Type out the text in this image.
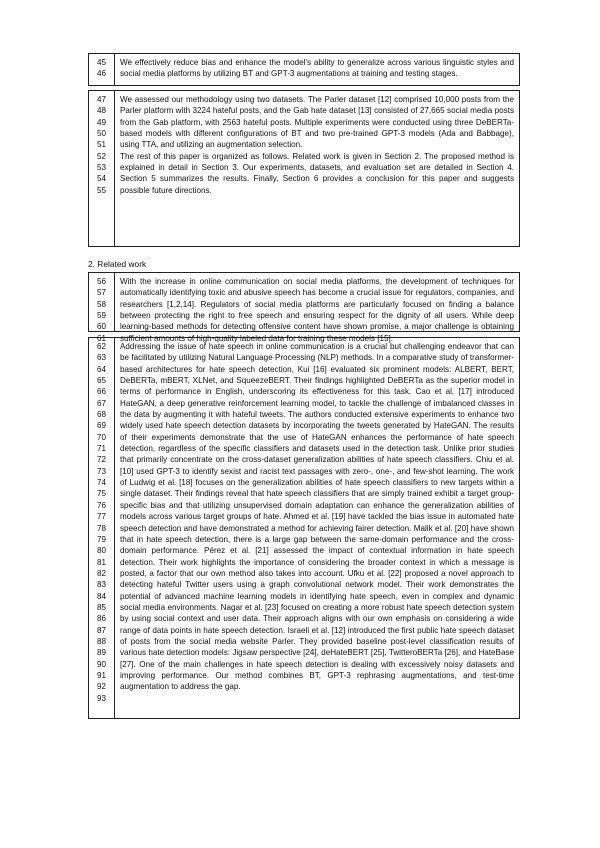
45
46

We effectively reduce bias and enhance the model's ability to generalize across various linguistic styles and social media platforms by utilizing BT and GPT-3 augmentations at training and testing stages.

47
48
49
50
51
52
53
54
55

We assessed our methodology using two datasets. The Parler dataset [12] comprised 10,000 posts from the Parler platform with 3224 hateful posts, and the Gab hate dataset [13] consisted of 27,665 social media posts from the Gab platform, with 2563 hateful posts. Multiple experiments were conducted using three DeBERTa-based models with different configurations of BT and two pre-trained GPT-3 models (Ada and Babbage), using TTA, and utilizing an augmentation selection.

The rest of this paper is organized as follows. Related work is given in Section 2. The proposed method is explained in detail in Section 3. Our experiments, datasets, and evaluation set are detailed in Section 4. Section 5 summarizes the results. Finally, Section 6 provides a conclusion for this paper and suggests possible future directions.

2. Related work
56
57
58
59
60
61

With the increase in online communication on social media platforms, the development of techniques for automatically identifying toxic and abusive speech has become a crucial issue for regulators, companies, and researchers [1,2,14]. Regulators of social media platforms are particularly focused on finding a balance between protecting the right to free speech and ensuring respect for the dignity of all users. While deep learning-based methods for detecting offensive content have shown promise, a major challenge is obtaining sufficient amounts of high-quality labeled data for training these models [15].

62
63
64
65
66
67
68
69
70
71
72
73
74
75
76
77
78
79
80
81
82
83
84
85
86
87
88
89
90
91
92
93

Addressing the issue of hate speech in online communication is a crucial but challenging endeavor that can be facilitated by utilizing Natural Language Processing (NLP) methods. In a comparative study of transformer-based architectures for hate speech detection, Kui [16] evaluated six prominent models: ALBERT, BERT, DeBERTa, mBERT, XLNet, and SqueezeBERT. Their findings highlighted DeBERTa as the superior model in terms of performance in English, underscoring its effectiveness for this task. Cao et al. [17] introduced HateGAN, a deep generative reinforcement learning model, to tackle the challenge of imbalanced classes in the data by augmenting it with hateful tweets. The authors conducted extensive experiments to enhance two widely used hate speech detection datasets by incorporating the tweets generated by HateGAN. The results of their experiments demonstrate that the use of HateGAN enhances the performance of hate speech detection, regardless of the specific classifiers and datasets used in the detection task. Unlike prior studies that primarily concentrate on the cross-dataset generalization abilities of hate speech classifiers. Chiu et al. [10] used GPT-3 to identify sexist and racist text passages with zero-, one-, and few-shot learning. The work of Ludwig et al. [18] focuses on the generalization abilities of hate speech classifiers to new targets within a single dataset. Their findings reveal that hate speech classifiers that are simply trained exhibit a target group-specific bias and that utilizing unsupervised domain adaptation can enhance the generalization abilities of models across various target groups of hate. Ahmed et al. [19] have tackled the bias issue in automated hate speech detection and have demonstrated a method for achieving fairer detection. Malik et al. [20] have shown that in hate speech detection, there is a large gap between the same-domain performance and the cross-domain performance. Pérez et al. [21] assessed the impact of contextual information in hate speech detection. Their work highlights the importance of considering the broader context in which a message is posted, a factor that our own method also takes into account. Ufku et al. [22] proposed a novel approach to detecting hateful Twitter users using a graph convolutional network model. Their work demonstrates the potential of advanced machine learning models in identifying hate speech, even in complex and dynamic social media environments. Nagar et al. [23] focused on creating a more robust hate speech detection system by using social context and user data. Their approach aligns with our own emphasis on considering a wide range of data points in hate speech detection. Israeli et al. [12] introduced the first public hate speech dataset of posts from the social media website Parler. They provided baseline post-level classification results of various hate detection models: Jigsaw perspective [24], deHateBERT [25], TwitteroBERTa [26], and HateBase [27]. One of the main challenges in hate speech detection is dealing with excessively noisy datasets and improving performance. Our method combines BT, GPT-3 rephrasing augmentations, and test-time augmentation to address the gap.
